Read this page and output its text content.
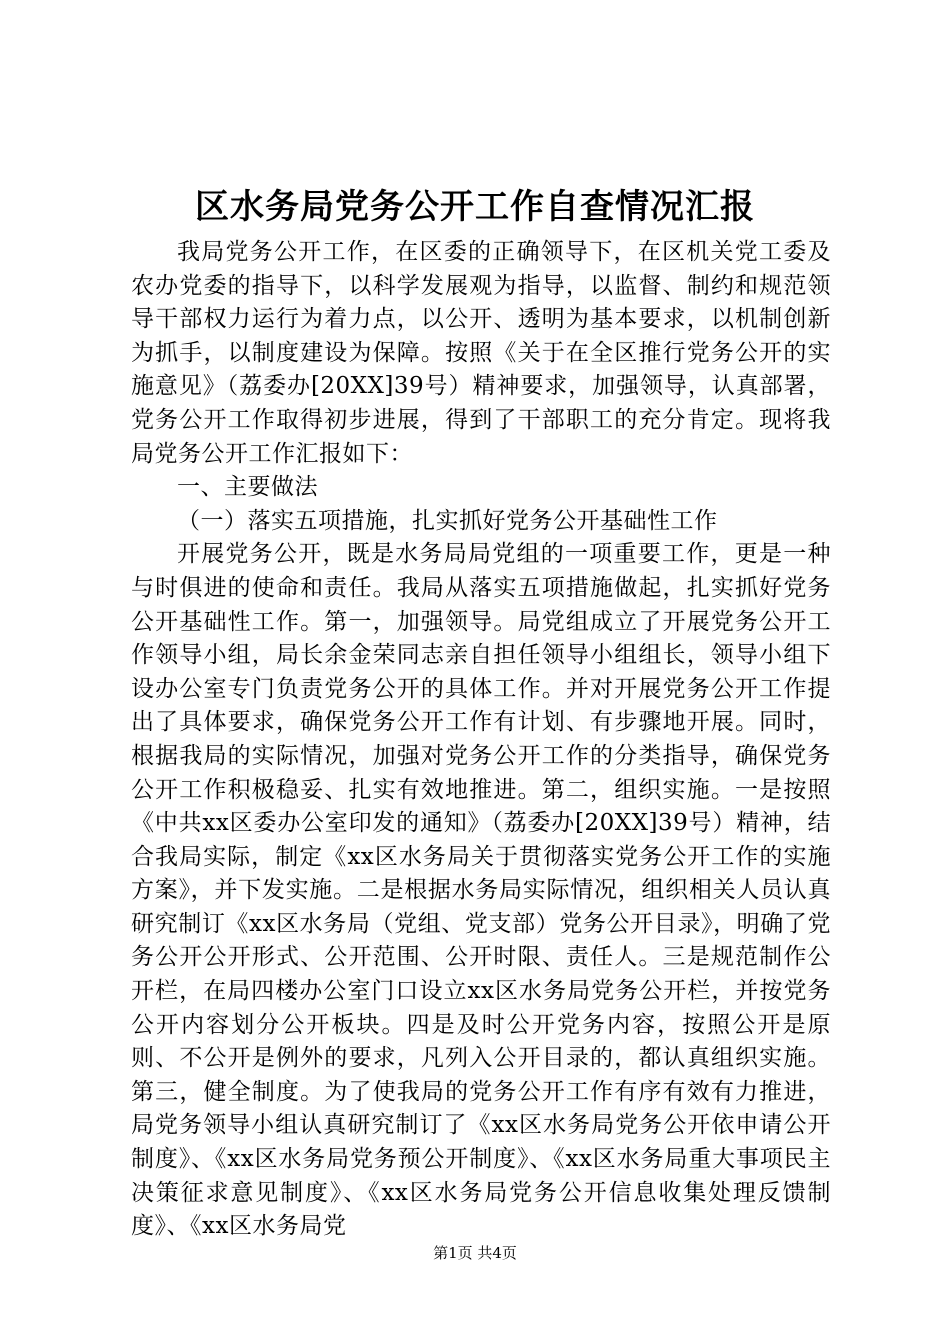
区水务局党务公开工作自查情况汇报

我局党务公开工作，在区委的正确领导下，在区机关党工委及农办党委的指导下，以科学发展观为指导，以监督、制约和规范领导干部权力运行为着力点，以公开、透明为基本要求，以机制创新为抓手，以制度建设为保障。按照《关于在全区推行党务公开的实施意见》（荔委办[20XX]39号）精神要求，加强领导，认真部署，党务公开工作取得初步进展，得到了干部职工的充分肯定。现将我局党务公开工作汇报如下：

一、主要做法

（一）落实五项措施，扎实抓好党务公开基础性工作

开展党务公开，既是水务局局党组的一项重要工作，更是一种与时俱进的使命和责任。我局从落实五项措施做起，扎实抓好党务公开基础性工作。第一，加强领导。局党组成立了开展党务公开工作领导小组，局长余金荣同志亲自担任领导小组组长，领导小组下设办公室专门负责党务公开的具体工作。并对开展党务公开工作提出了具体要求，确保党务公开工作有计划、有步骤地开展。同时，根据我局的实际情况，加强对党务公开工作的分类指导，确保党务公开工作积极稳妥、扎实有效地推进。第二，组织实施。一是按照《中共xx区委办公室印发的通知》（荔委办[20XX]39号）精神，结合我局实际，制定《xx区水务局关于贯彻落实党务公开工作的实施方案》，并下发实施。二是根据水务局实际情况，组织相关人员认真研究制订《xx区水务局（党组、党支部）党务公开目录》，明确了党务公开公开形式、公开范围、公开时限、责任人。三是规范制作公开栏，在局四楼办公室门口设立xx区水务局党务公开栏，并按党务公开内容划分公开板块。四是及时公开党务内容，按照公开是原则、不公开是例外的要求，凡列入公开目录的，都认真组织实施。第三，健全制度。为了使我局的党务公开工作有序有效有力推进，局党务领导小组认真研究制订了《xx区水务局党务公开依申请公开制度》、《xx区水务局党务预公开制度》、《xx区水务局重大事项民主决策征求意见制度》、《xx区水务局党务公开信息收集处理反馈制度》、《xx区水务局党

第1页 共4页
